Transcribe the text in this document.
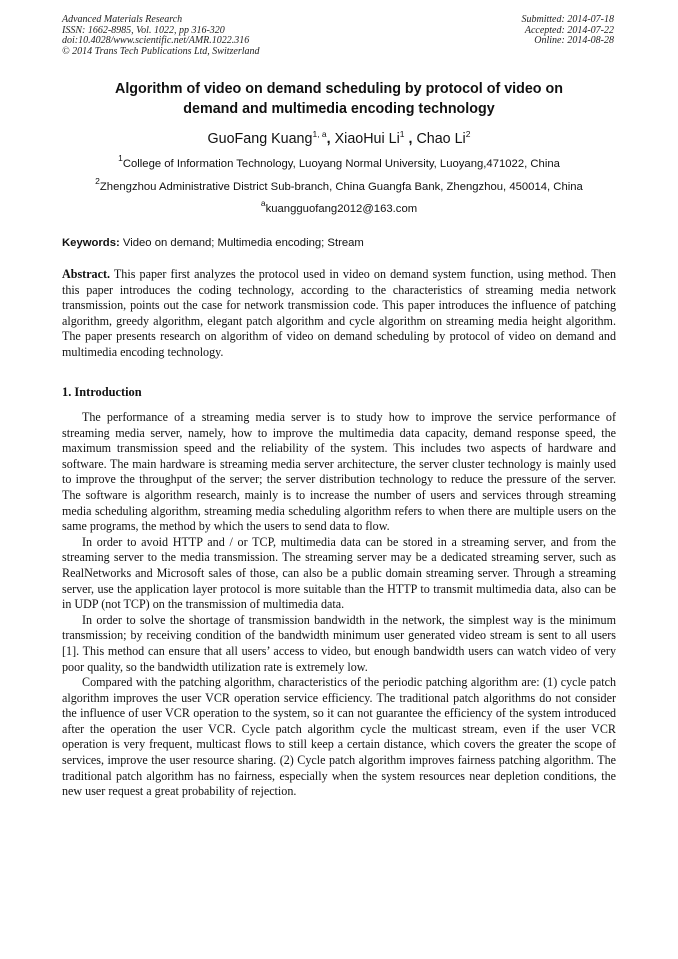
Advanced Materials Research
ISSN: 1662-8985, Vol. 1022, pp 316-320
doi:10.4028/www.scientific.net/AMR.1022.316
© 2014 Trans Tech Publications Ltd, Switzerland
Submitted: 2014-07-18
Accepted: 2014-07-22
Online: 2014-08-28
Algorithm of video on demand scheduling by protocol of video on
demand and multimedia encoding technology
GuoFang Kuang$^{1, a}$, XiaoHui Li$^1$ , Chao Li$^2$
$^1$College of Information Technology, Luoyang Normal University, Luoyang,471022, China
$^2$Zhengzhou Administrative District Sub-branch, China Guangfa Bank, Zhengzhou, 450014, China
$^a$kuangguofang2012@163.com
Keywords: Video on demand; Multimedia encoding; Stream
Abstract. This paper first analyzes the protocol used in video on demand system function, using method. Then this paper introduces the coding technology, according to the characteristics of streaming media network transmission, points out the case for network transmission code. This paper introduces the influence of patching algorithm, greedy algorithm, elegant patch algorithm and cycle algorithm on streaming media height algorithm. The paper presents research on algorithm of video on demand scheduling by protocol of video on demand and multimedia encoding technology.
1. Introduction

The performance of a streaming media server is to study how to improve the service performance of streaming media server, namely, how to improve the multimedia data capacity, demand response speed, the maximum transmission speed and the reliability of the system. This includes two aspects of hardware and software. The main hardware is streaming media server architecture, the server cluster technology is mainly used to improve the throughput of the server; the server distribution technology to reduce the pressure of the server. The software is algorithm research, mainly is to increase the number of users and services through streaming media scheduling algorithm, streaming media scheduling algorithm refers to when there are multiple users on the same programs, the method by which the users to send data to flow.

In order to avoid HTTP and / or TCP, multimedia data can be stored in a streaming server, and from the streaming server to the media transmission. The streaming server may be a dedicated streaming server, such as RealNetworks and Microsoft sales of those, can also be a public domain streaming server. Through a streaming server, use the application layer protocol is more suitable than the HTTP to transmit multimedia data, also can be in UDP (not TCP) on the transmission of multimedia data.

In order to solve the shortage of transmission bandwidth in the network, the simplest way is the minimum transmission; by receiving condition of the bandwidth minimum user generated video stream is sent to all users [1]. This method can ensure that all users’ access to video, but enough bandwidth users can watch video of very poor quality, so the bandwidth utilization rate is extremely low.

Compared with the patching algorithm, characteristics of the periodic patching algorithm are: (1) cycle patch algorithm improves the user VCR operation service efficiency. The traditional patch algorithms do not consider the influence of user VCR operation to the system, so it can not guarantee the efficiency of the system introduced after the operation the user VCR. Cycle patch algorithm cycle the multicast stream, even if the user VCR operation is very frequent, multicast flows to still keep a certain distance, which covers the greater the scope of services, improve the user resource sharing. (2) Cycle patch algorithm improves fairness patching algorithm. The traditional patch algorithm has no fairness, especially when the system resources near depletion conditions, the new user request a great probability of rejection.
